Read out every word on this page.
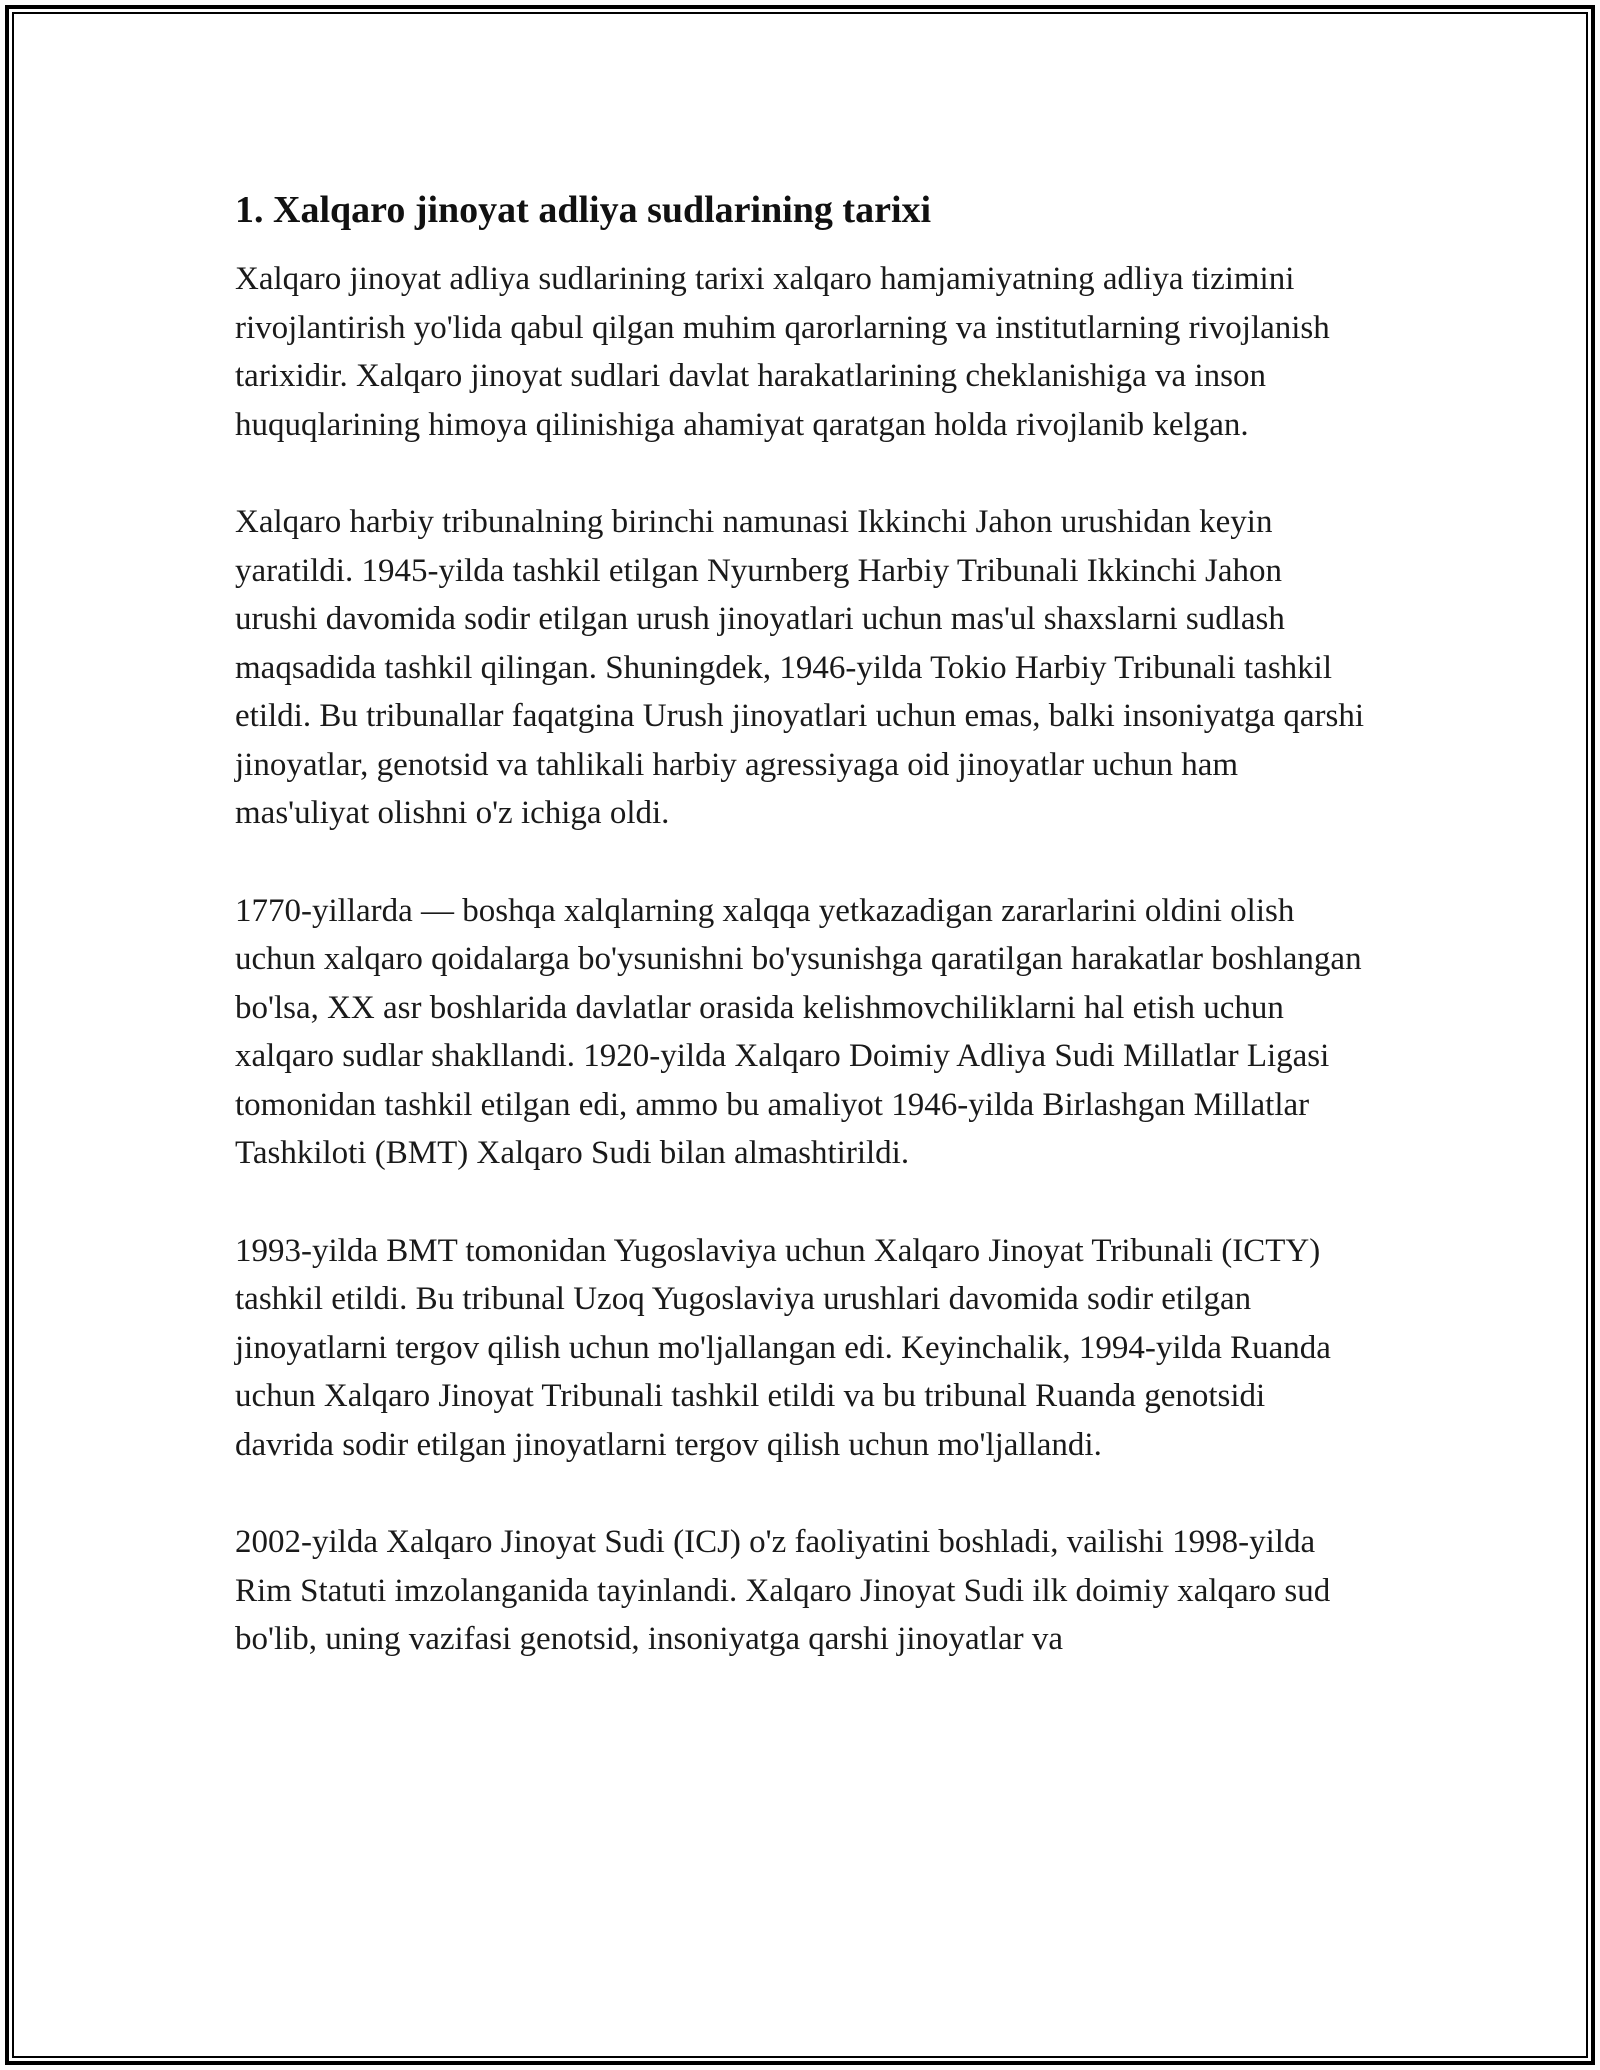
1. Xalqaro jinoyat adliya sudlarining tarixi

Xalqaro jinoyat adliya sudlarining tarixi xalqaro hamjamiyatning adliya tizimini rivojlantirish yo'lida qabul qilgan muhim qarorlarning va institutlarning rivojlanish tarixidir. Xalqaro jinoyat sudlari davlat harakatlarining cheklanishiga va inson huquqlarining himoya qilinishiga ahamiyat qaratgan holda rivojlanib kelgan.

Xalqaro harbiy tribunalning birinchi namunasi Ikkinchi Jahon urushidan keyin yaratildi. 1945-yilda tashkil etilgan Nyurnberg Harbiy Tribunali Ikkinchi Jahon urushi davomida sodir etilgan urush jinoyatlari uchun mas'ul shaxslarni sudlash maqsadida tashkil qilingan. Shuningdek, 1946-yilda Tokio Harbiy Tribunali tashkil etildi. Bu tribunallar faqatgina Urush jinoyatlari uchun emas, balki insoniyatga qarshi jinoyatlar, genotsid va tahlikali harbiy agressiyaga oid jinoyatlar uchun ham mas'uliyat olishni o'z ichiga oldi.

1770-yillarda — boshqa xalqlarning xalqqa yetkazadigan zararlarini oldini olish uchun xalqaro qoidalarga bo'ysunishni bo'ysunishga qaratilgan harakatlar boshlangan bo'lsa, XX asr boshlarida davlatlar orasida kelishmovchiliklarni hal etish uchun xalqaro sudlar shakllandi. 1920-yilda Xalqaro Doimiy Adliya Sudi Millatlar Ligasi tomonidan tashkil etilgan edi, ammo bu amaliyot 1946-yilda Birlashgan Millatlar Tashkiloti (BMT) Xalqaro Sudi bilan almashtirildi.

1993-yilda BMT tomonidan Yugoslaviya uchun Xalqaro Jinoyat Tribunali (ICTY) tashkil etildi. Bu tribunal Uzoq Yugoslaviya urushlari davomida sodir etilgan jinoyatlarni tergov qilish uchun mo'ljallangan edi. Keyinchalik, 1994-yilda Ruanda uchun Xalqaro Jinoyat Tribunali tashkil etildi va bu tribunal Ruanda genotsidi davrida sodir etilgan jinoyatlarni tergov qilish uchun mo'ljallandi.

2002-yilda Xalqaro Jinoyat Sudi (ICJ) o'z faoliyatini boshladi, vailishi 1998-yilda Rim Statuti imzolanganida tayinlandi. Xalqaro Jinoyat Sudi ilk doimiy xalqaro sud bo'lib, uning vazifasi genotsid, insoniyatga qarshi jinoyatlar va
